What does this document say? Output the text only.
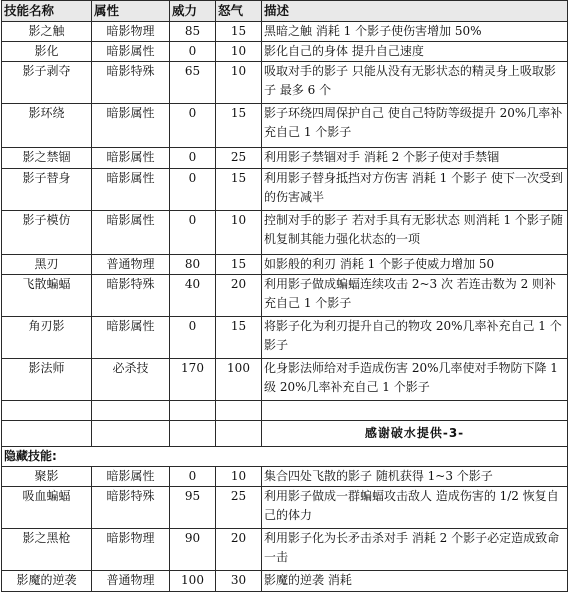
技能名称	属性	威力	怒气	描述
影之触	暗影物理	85	15	黑暗之触 消耗 1 个影子使伤害增加 50%
影化	暗影属性	0	10	影化自己的身体 提升自己速度
影子剥夺	暗影特殊	65	10	吸取对手的影子 只能从没有无影状态的精灵身上吸取影子 最多 6 个
影环绕	暗影属性	0	15	影子环绕四周保护自己 使自己特防等级提升 20%几率补充自己 1 个影子
影之禁锢	暗影属性	0	25	利用影子禁锢对手 消耗 2 个影子使对手禁锢
影子替身	暗影属性	0	15	利用影子替身抵挡对方伤害 消耗 1 个影子 使下一次受到的伤害减半
影子模仿	暗影属性	0	10	控制对手的影子 若对手具有无影状态 则消耗 1 个影子随机复制其能力强化状态的一项
黑刃	普通物理	80	15	如影般的利刃 消耗 1 个影子使威力增加 50
飞散蝙蝠	暗影特殊	40	20	利用影子做成蝙蝠连续攻击 2~3 次 若连击数为 2 则补充自己 1 个影子
角刃影	暗影属性	0	15	将影子化为利刃提升自己的物攻 20%几率补充自己 1 个影子
影法师	必杀技	170	100	化身影法师给对手造成伤害 20%几率使对手物防下降 1 级 20%几率补充自己 1 个影子

				感谢破水提供-3-
隐藏技能:				
聚影	暗影属性	0	10	集合四处飞散的影子 随机获得 1~3 个影子
吸血蝙蝠	暗影特殊	95	25	利用影子做成一群蝙蝠攻击敌人 造成伤害的 1/2 恢复自己的体力
影之黑枪	暗影物理	90	20	利用影子化为长矛击杀对手 消耗 2 个影子必定造成致命一击
影魔的逆袭	普通物理	100	30	影魔的逆袭 消耗
